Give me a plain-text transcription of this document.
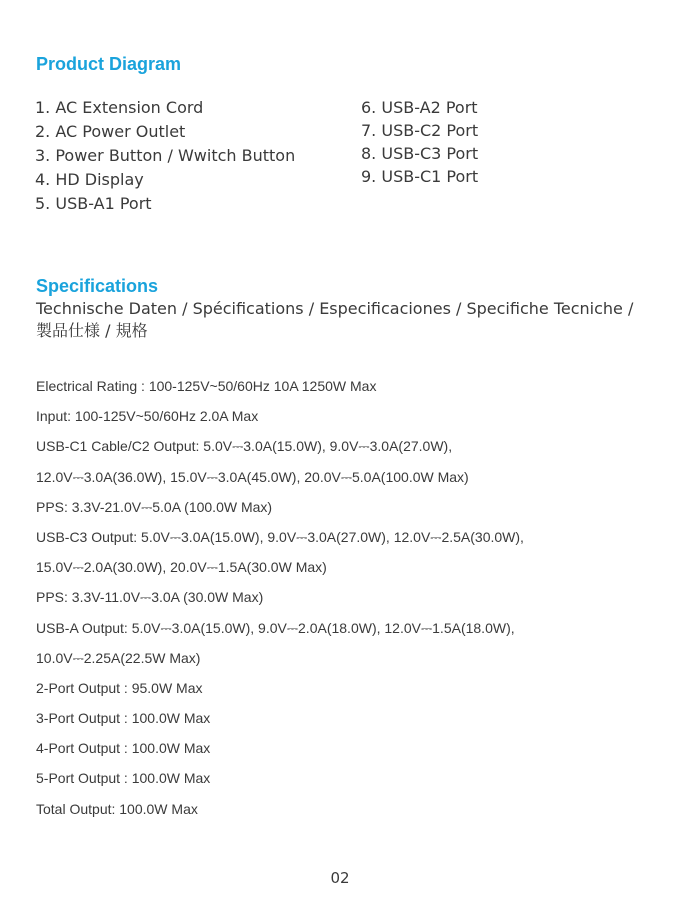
Product Diagram
1. AC Extension Cord
2. AC Power Outlet
3. Power Button / Wwitch Button
4. HD Display
5. USB-A1 Port
6. USB-A2 Port
7. USB-C2 Port
8. USB-C3 Port
9. USB-C1 Port
Specifications

Technische Daten / Spécifications / Especificaciones / Specifiche Tecniche / 製品仕様 / 規格

Electrical Rating : 100-125V~50/60Hz 10A 1250W Max
Input: 100-125V~50/60Hz 2.0A Max
USB-C1 Cable/C2 Output: 5.0V⎓3.0A(15.0W), 9.0V⎓3.0A(27.0W),
12.0V⎓3.0A(36.0W), 15.0V⎓3.0A(45.0W), 20.0V⎓5.0A(100.0W Max)
PPS: 3.3V-21.0V⎓5.0A (100.0W Max)
USB-C3 Output: 5.0V⎓3.0A(15.0W), 9.0V⎓3.0A(27.0W), 12.0V⎓2.5A(30.0W),
15.0V⎓2.0A(30.0W), 20.0V⎓1.5A(30.0W Max)
PPS: 3.3V-11.0V⎓3.0A (30.0W Max)
USB-A Output: 5.0V⎓3.0A(15.0W), 9.0V⎓2.0A(18.0W), 12.0V⎓1.5A(18.0W),
10.0V⎓2.25A(22.5W Max)
2-Port Output : 95.0W Max
3-Port Output : 100.0W Max
4-Port Output : 100.0W Max
5-Port Output : 100.0W Max
Total Output: 100.0W Max
02
